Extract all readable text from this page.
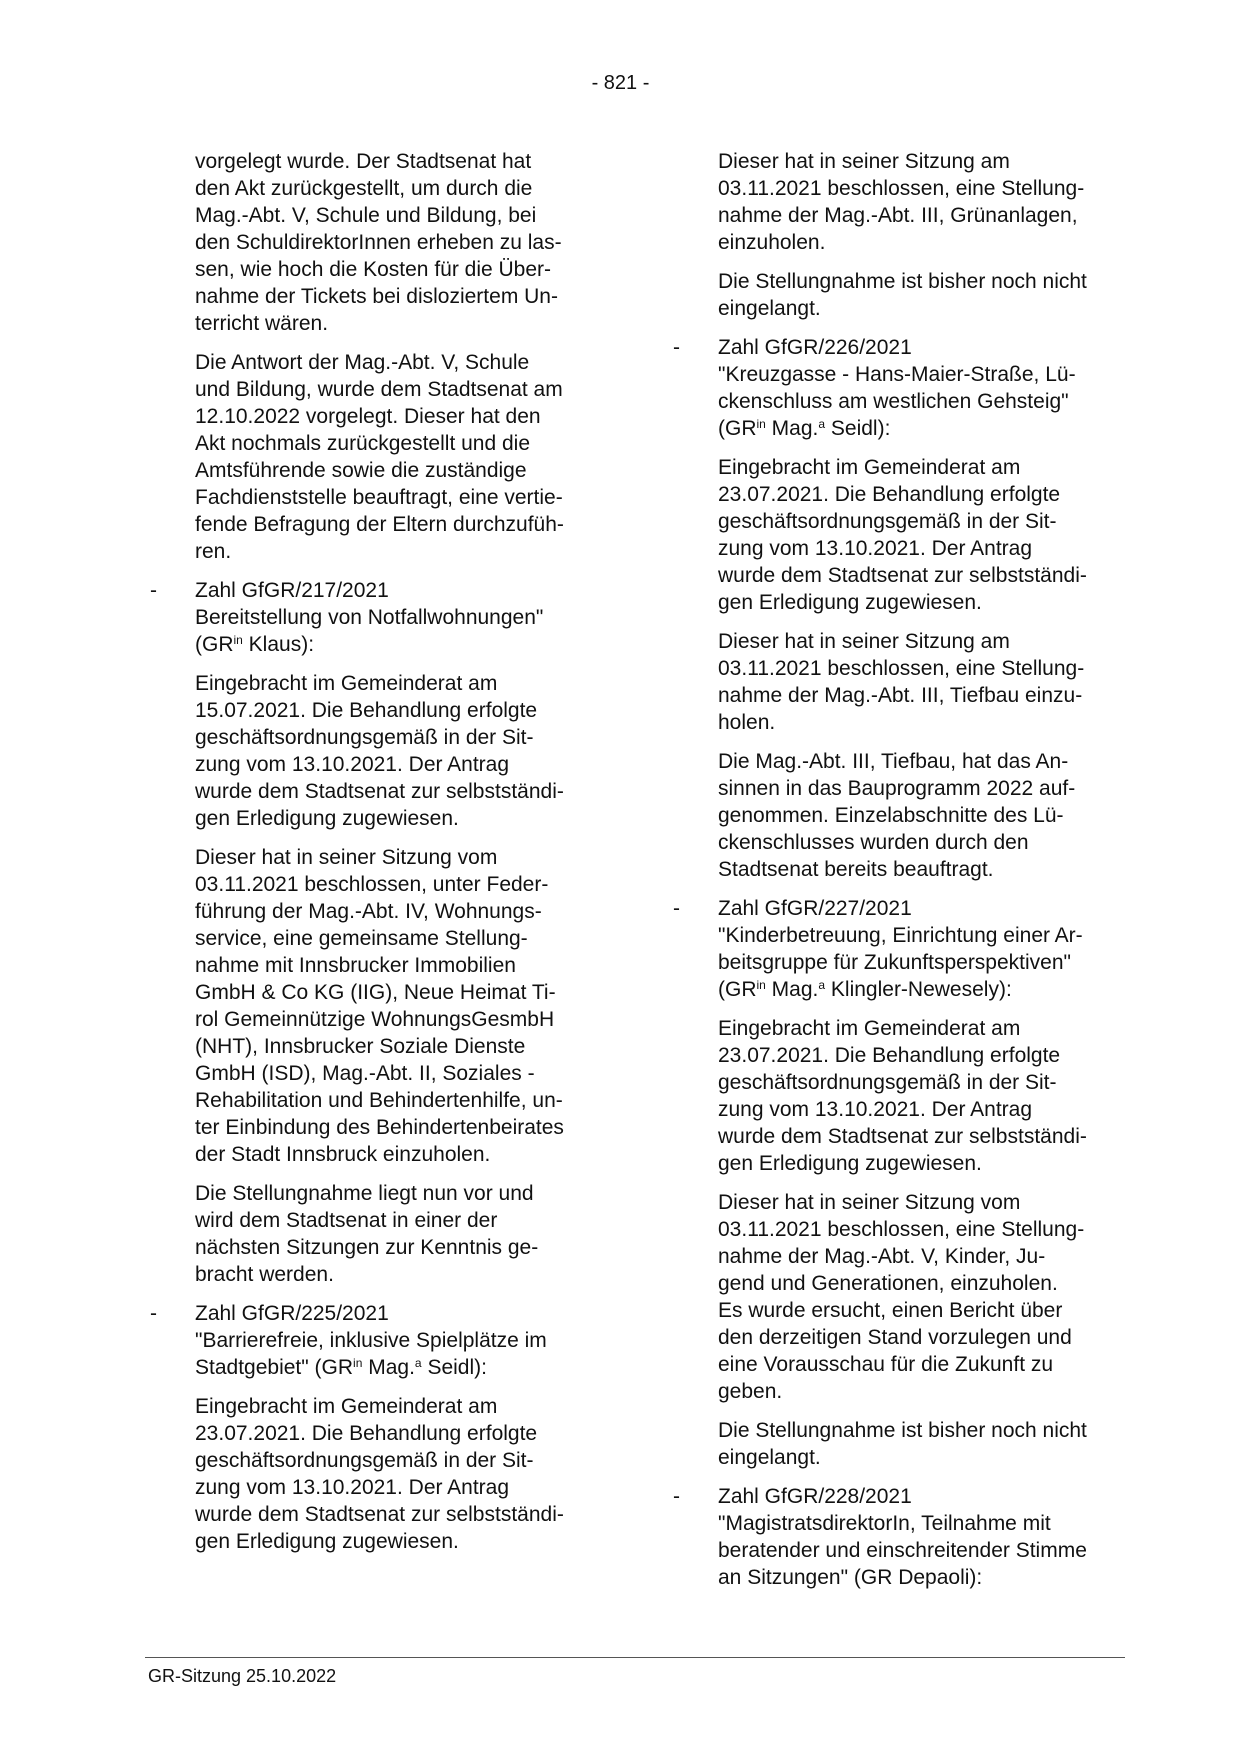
- 821 -

vorgelegt wurde. Der Stadtsenat hat
den Akt zurückgestellt, um durch die
Mag.-Abt. V, Schule und Bildung, bei
den SchuldirektorInnen erheben zu las-
sen, wie hoch die Kosten für die Über-
nahme der Tickets bei disloziertem Un-
terricht wären.

Die Antwort der Mag.-Abt. V, Schule
und Bildung, wurde dem Stadtsenat am
12.10.2022 vorgelegt. Dieser hat den
Akt nochmals zurückgestellt und die
Amtsführende sowie die zuständige
Fachdienststelle beauftragt, eine vertie-
fende Befragung der Eltern durchzufüh-
ren.

- Zahl GfGR/217/2021
Bereitstellung von Notfallwohnungen"
($GR^{in}$ Klaus):

Eingebracht im Gemeinderat am
15.07.2021. Die Behandlung erfolgte
geschäftsordnungsgemäß in der Sit-
zung vom 13.10.2021. Der Antrag
wurde dem Stadtsenat zur selbstständi-
gen Erledigung zugewiesen.

Dieser hat in seiner Sitzung vom
03.11.2021 beschlossen, unter Feder-
führung der Mag.-Abt. IV, Wohnungs-
service, eine gemeinsame Stellung-
nahme mit Innsbrucker Immobilien
GmbH & Co KG (IIG), Neue Heimat Ti-
rol Gemeinnützige WohnungsGesmbH
(NHT), Innsbrucker Soziale Dienste
GmbH (ISD), Mag.-Abt. II, Soziales -
Rehabilitation und Behindertenhilfe, un-
ter Einbindung des Behindertenbeirates
der Stadt Innsbruck einzuholen.

Die Stellungnahme liegt nun vor und
wird dem Stadtsenat in einer der
nächsten Sitzungen zur Kenntnis ge-
bracht werden.

- Zahl GfGR/225/2021
"Barrierefreie, inklusive Spielplätze im
Stadtgebiet" ($GR^{in}$ Mag.$^a$ Seidl):

Eingebracht im Gemeinderat am
23.07.2021. Die Behandlung erfolgte
geschäftsordnungsgemäß in der Sit-
zung vom 13.10.2021. Der Antrag
wurde dem Stadtsenat zur selbstständi-
gen Erledigung zugewiesen.

Dieser hat in seiner Sitzung am
03.11.2021 beschlossen, eine Stellung-
nahme der Mag.-Abt. III, Grünanlagen,
einzuholen.

Die Stellungnahme ist bisher noch nicht
eingelangt.

- Zahl GfGR/226/2021
"Kreuzgasse - Hans-Maier-Straße, Lü-
ckenschluss am westlichen Gehsteig"
($GR^{in}$ Mag.$^a$ Seidl):

Eingebracht im Gemeinderat am
23.07.2021. Die Behandlung erfolgte
geschäftsordnungsgemäß in der Sit-
zung vom 13.10.2021. Der Antrag
wurde dem Stadtsenat zur selbstständi-
gen Erledigung zugewiesen.

Dieser hat in seiner Sitzung am
03.11.2021 beschlossen, eine Stellung-
nahme der Mag.-Abt. III, Tiefbau einzu-
holen.

Die Mag.-Abt. III, Tiefbau, hat das An-
sinnen in das Bauprogramm 2022 auf-
genommen. Einzelabschnitte des Lü-
ckenschlusses wurden durch den
Stadtsenat bereits beauftragt.

- Zahl GfGR/227/2021
"Kinderbetreuung, Einrichtung einer Ar-
beitsgruppe für Zukunftsperspektiven"
($GR^{in}$ Mag.$^a$ Klingler-Newesely):

Eingebracht im Gemeinderat am
23.07.2021. Die Behandlung erfolgte
geschäftsordnungsgemäß in der Sit-
zung vom 13.10.2021. Der Antrag
wurde dem Stadtsenat zur selbstständi-
gen Erledigung zugewiesen.

Dieser hat in seiner Sitzung vom
03.11.2021 beschlossen, eine Stellung-
nahme der Mag.-Abt. V, Kinder, Ju-
gend und Generationen, einzuholen.
Es wurde ersucht, einen Bericht über
den derzeitigen Stand vorzulegen und
eine Vorausschau für die Zukunft zu
geben.

Die Stellungnahme ist bisher noch nicht
eingelangt.

- Zahl GfGR/228/2021
"MagistratsdirektorIn, Teilnahme mit
beratender und einschreitender Stimme
an Sitzungen" (GR Depaoli):
GR-Sitzung 25.10.2022
